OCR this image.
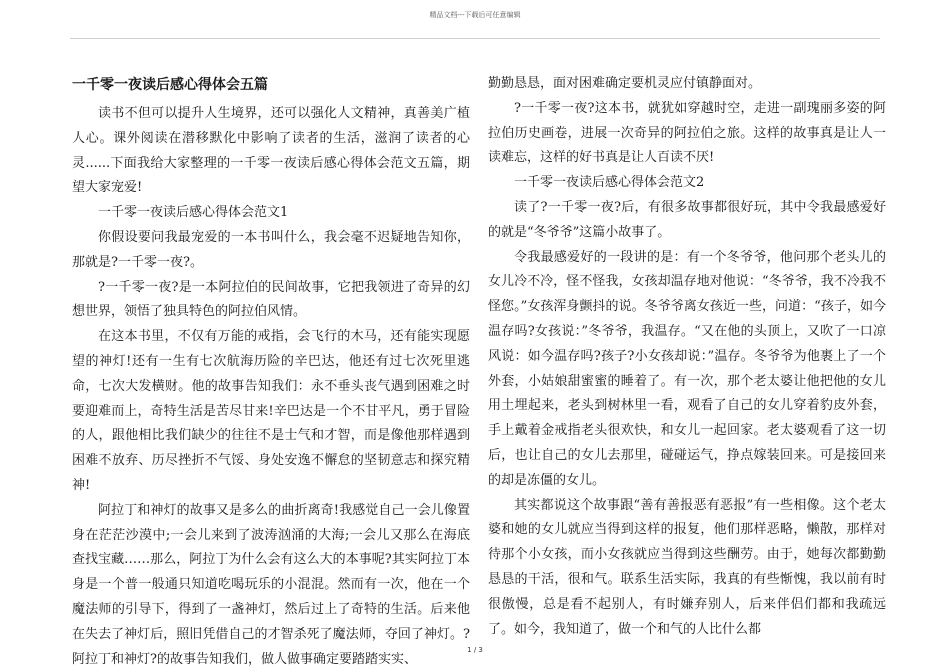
精品文档---下载后可任意编辑
一千零一夜读后感心得体会五篇

读书不但可以提升人生境界，还可以强化人文精神，真善美广植人心。课外阅读在潜移默化中影响了读者的生活，滋润了读者的心灵......下面我给大家整理的一千零一夜读后感心得体会范文五篇，期望大家宠爱!

一千零一夜读后感心得体会范文1

你假设要问我最宠爱的一本书叫什么，我会毫不迟疑地告知你，那就是?一千零一夜?。

?一千零一夜?是一本阿拉伯的民间故事，它把我领进了奇异的幻想世界，领悟了独具特色的阿拉伯风情。

在这本书里，不仅有万能的戒指，会飞行的木马，还有能实现愿望的神灯!还有一生有七次航海历险的辛巴达，他还有过七次死里逃命，七次大发横财。他的故事告知我们：永不垂头丧气遇到困难之时要迎难而上，奇特生活是苦尽甘来!辛巴达是一个不甘平凡，勇于冒险的人，跟他相比我们缺少的往往不是士气和才智，而是像他那样遇到困难不放弃、历尽挫折不气馁、身处安逸不懈怠的坚韧意志和探究精神!

阿拉丁和神灯的故事又是多么的曲折离奇!我感觉自己一会儿像置身在茫茫沙漠中;一会儿来到了波涛汹涌的大海;一会儿又那么在海底查找宝藏……那么，阿拉丁为什么会有这么大的本事呢?其实阿拉丁本身是一个普一般通只知道吃喝玩乐的小混混。然而有一次，他在一个魔法师的引导下，得到了一盏神灯，然后过上了奇特的生活。后来他在失去了神灯后，照旧凭借自己的才智杀死了魔法师，夺回了神灯。?阿拉丁和神灯?的故事告知我们，做人做事确定要踏踏实实、

勤勤恳恳，面对困难确定要机灵应付镇静面对。

?一千零一夜?这本书，就犹如穿越时空，走进一副瑰丽多姿的阿拉伯历史画卷，进展一次奇异的阿拉伯之旅。这样的故事真是让人一读难忘，这样的好书真是让人百读不厌!

一千零一夜读后感心得体会范文2

读了?一千零一夜?后，有很多故事都很好玩，其中令我最感爱好的就是“冬爷爷”这篇小故事了。

令我最感爱好的一段讲的是：有一个冬爷爷，他问那个老头儿的女儿冷不冷，怪不怪我，女孩却温存地对他说：“冬爷爷，我不冷我不怪您。”女孩浑身颤抖的说。冬爷爷离女孩近一些，问道：“孩子，如今温存吗?女孩说：”冬爷爷，我温存。“又在他的头顶上，又吹了一口凉风说：如今温存吗?孩子?小女孩却说：”温存。冬爷爷为他裹上了一个外套，小姑娘甜蜜蜜的睡着了。有一次，那个老太婆让他把他的女儿用土埋起来，老头到树林里一看，观看了自己的女儿穿着豹皮外套，手上戴着金戒指老头很欢快，和女儿一起回家。老太婆观看了这一切后，也让自己的女儿去那里，碰碰运气，挣点嫁装回来。可是接回来的却是冻僵的女儿。

其实都说这个故事跟“善有善报恶有恶报”有一些相像。这个老太婆和她的女儿就应当得到这样的报复，他们那样恶略，懒散，那样对待那个小女孩，而小女孩就应当得到这些酬劳。由于，她每次都勤勤恳恳的干活，很和气。联系生活实际，我真的有些惭愧，我以前有时很傲慢，总是看不起别人，有时嫌弃别人，后来伴侣们都和我疏远了。如今，我知道了，做一个和气的人比什么都

1 / 3
